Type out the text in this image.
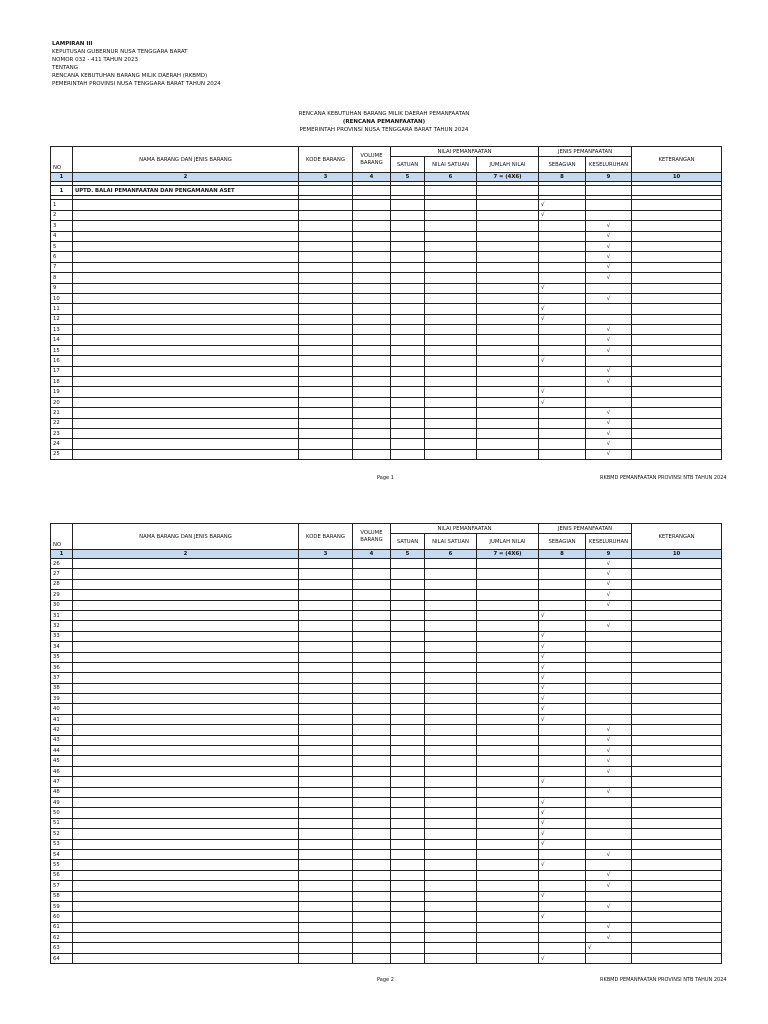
LAMPIRAN III
KEPUTUSAN GUBERNUR NUSA TENGGARA BARAT
NOMOR 032 - 411 TAHUN 2023
TENTANG
RENCANA KEBUTUHAN BARANG MILIK DAERAH (RKBMD)
PEMERINTAH PROVINSI NUSA TENGGARA BARAT TAHUN 2024
RENCANA KEBUTUHAN BARANG MILIK DAERAH PEMANFAATAN
(RENCANA PEMANFAATAN)
PEMERINTAH PROVINSI NUSA TENGGARA BARAT TAHUN 2024
NO	NAMA BARANG DAN JENIS BARANG	KODE BARANG	VOLUME BARANG	NILAI PEMANFAATAN			JENIS PEMANFAATAN		KETERANGAN
				SATUAN	NILAI SATUAN	JUMLAH NILAI	SEBAGIAN	KESELURUHAN	
1	2	3	4	5	6	7 = (4X6)	8	9	10

1	UPTD. BALAI PEMANFAATAN DAN PENGAMANAN ASET								

1							√		
2							√		
3								√	
4								√	
5								√	
6								√	
7								√	
8								√	
9							√		
10								√	
11							√		
12							√		
13								√	
14								√	
15								√	
16							√		
17								√	
18								√	
19							√		
20							√		
21								√	
22								√	
23								√	
24								√	
25								√	
Page 1	RKBMD PEMANFAATAN PROVINSI NTB TAHUN 2024
NO	NAMA BARANG DAN JENIS BARANG	KODE BARANG	VOLUME BARANG	NILAI PEMANFAATAN			JENIS PEMANFAATAN		KETERANGAN
				SATUAN	NILAI SATUAN	JUMLAH NILAI	SEBAGIAN	KESELURUHAN	
1	2	3	4	5	6	7 = (4X6)	8	9	10
26								√	
27								√	
28								√	
29								√	
30								√	
31							√		
32								√	
33							√		
34							√		
35							√		
36							√		
37							√		
38							√		
39							√		
40							√		
41							√		
42								√	
43								√	
44								√	
45								√	
46								√	
47							√		
48								√	
49							√		
50							√		
51							√		
52							√		
53							√		
54								√	
55							√		
56								√	
57								√	
58							√		
59								√	
60							√		
61								√	
62								√	
63								√	
64							√		
Page 2	RKBMD PEMANFAATAN PROVINSI NTB TAHUN 2024
